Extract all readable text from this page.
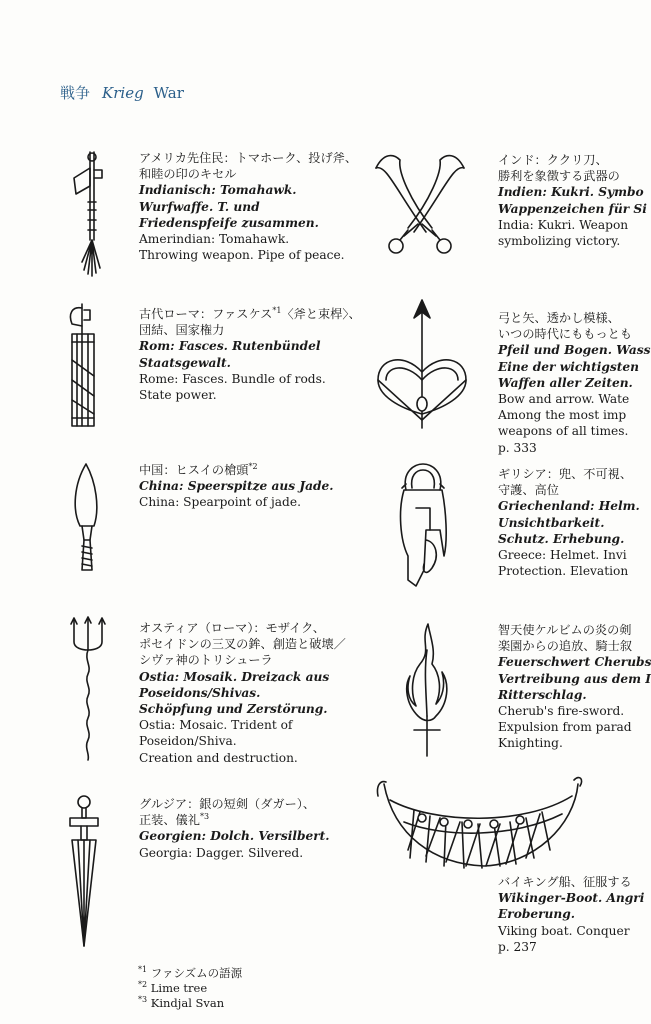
戦争 Krieg War
アメリカ先住民：トマホーク、投げ斧、
和睦の印のキセル
Indianisch: Tomahawk.
Wurfwaffe. T. und
Friedenspfeife zusammen.
Amerindian: Tomahawk.
Throwing weapon. Pipe of peace.
古代ローマ：ファスケス$^{*1}$〈斧と束桿〉、
団結、国家権力
Rom: Fasces. Rutenbündel
Staatsgewalt.
Rome: Fasces. Bundle of rods.
State power.
中国：ヒスイの槍頭$^{*2}$
China: Speerspitze aus Jade.
China: Spearpoint of jade.
オスティア（ローマ）：モザイク、
ポセイドンの三叉の鉾、創造と破壊／
シヴァ神のトリシューラ
Ostia: Mosaik. Dreizack aus
Poseidons/Shivas.
Schöpfung und Zerstörung.
Ostia: Mosaic. Trident of
Poseidon/Shiva.
Creation and destruction.
グルジア：銀の短剣（ダガー）、
正装、儀礼$^{*3}$
Georgien: Dolch. Versilbert.
Georgia: Dagger. Silvered.
インド：ククリ刀、
勝利を象徴する武器の
Indien: Kukri. Symbo
Wappenzeichen für Si
India: Kukri. Weapon
symbolizing victory.
弓と矢、透かし模様、
いつの時代にももっとも
Pfeil und Bogen. Wass
Eine der wichtigsten
Waffen aller Zeiten.
Bow and arrow. Wate
Among the most imp
weapons of all times.
p. 333
ギリシア：兜、不可視、
守護、高位
Griechenland: Helm.
Unsichtbarkeit.
Schutz. Erhebung.
Greece: Helmet. Invi
Protection. Elevation
智天使ケルビムの炎の剣
楽園からの追放、騎士叙
Feuerschwert Cherubs
Vertreibung aus dem I
Ritterschlag.
Cherub's fire-sword.
Expulsion from parad
Knighting.
バイキング船、征服する
Wikinger-Boot. Angri
Eroberung.
Viking boat. Conquer
p. 237
$^{*1}$ ファシズムの語源
$^{*2}$ Lime tree
$^{*3}$ Kindjal Svan
